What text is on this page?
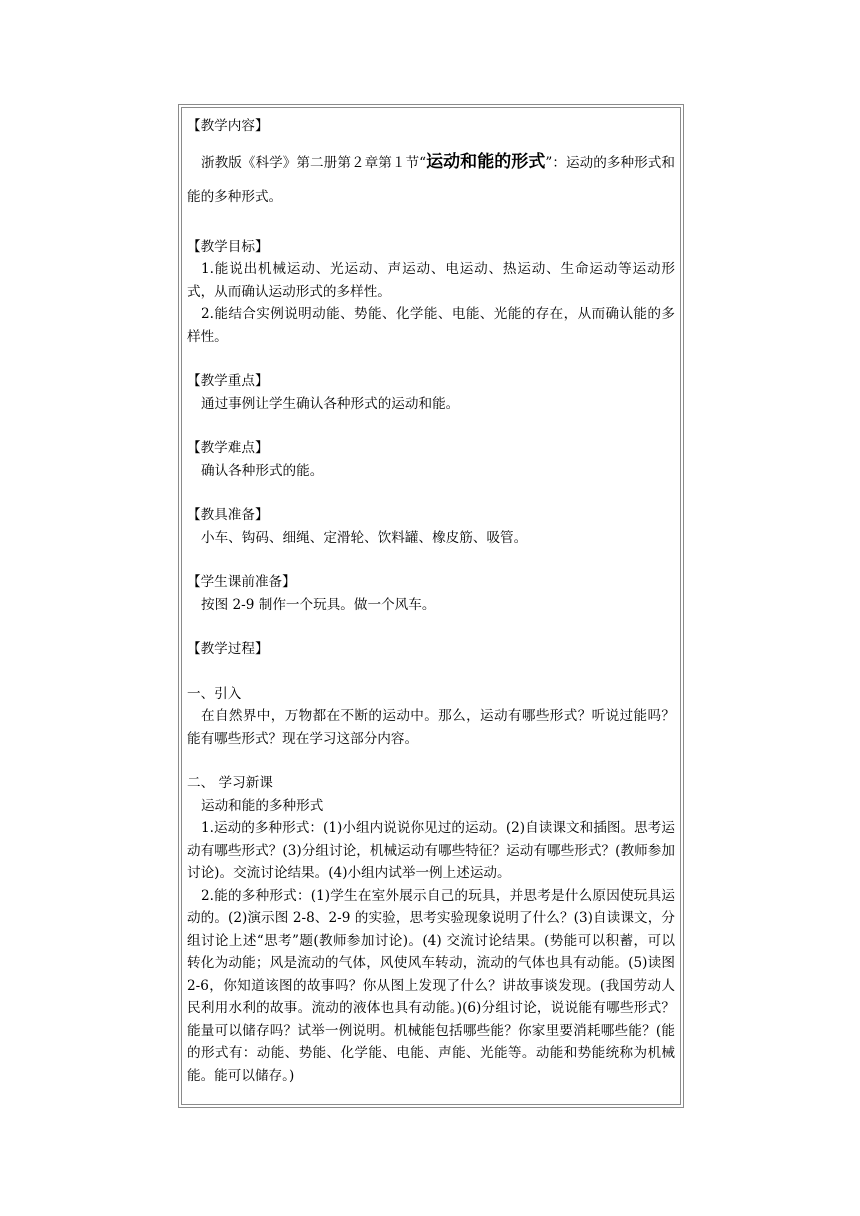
【教学内容】

浙教版《科学》第二册第２章第１节“运动和能的形式”：运动的多种形式和能的多种形式。

【教学目标】

1.能说出机械运动、光运动、声运动、电运动、热运动、生命运动等运动形式，从而确认运动形式的多样性。

2.能结合实例说明动能、势能、化学能、电能、光能的存在，从而确认能的多样性。

【教学重点】

通过事例让学生确认各种形式的运动和能。

【教学难点】

确认各种形式的能。

【教具准备】

小车、钩码、细绳、定滑轮、饮料罐、橡皮筋、吸管。

【学生课前准备】

按图 2-9 制作一个玩具。做一个风车。

【教学过程】

一、引入

在自然界中，万物都在不断的运动中。那么，运动有哪些形式？听说过能吗？能有哪些形式？现在学习这部分内容。

二、 学习新课

运动和能的多种形式

1.运动的多种形式：(1)小组内说说你见过的运动。(2)自读课文和插图。思考运动有哪些形式？(3)分组讨论，机械运动有哪些特征？运动有哪些形式？(教师参加讨论)。交流讨论结果。(4)小组内试举一例上述运动。

2.能的多种形式：(1)学生在室外展示自己的玩具，并思考是什么原因使玩具运动的。(2)演示图 2-8、2-9 的实验，思考实验现象说明了什么？(3)自读课文，分组讨论上述“思考”题(教师参加讨论)。(4) 交流讨论结果。(势能可以积蓄，可以转化为动能；风是流动的气体，风使风车转动，流动的气体也具有动能。(5)读图 2-6，你知道该图的故事吗？你从图上发现了什么？讲故事谈发现。(我国劳动人民利用水利的故事。流动的液体也具有动能。)(6)分组讨论，说说能有哪些形式？能量可以储存吗？试举一例说明。机械能包括哪些能？你家里要消耗哪些能？(能的形式有：动能、势能、化学能、电能、声能、光能等。动能和势能统称为机械能。能可以储存。)
